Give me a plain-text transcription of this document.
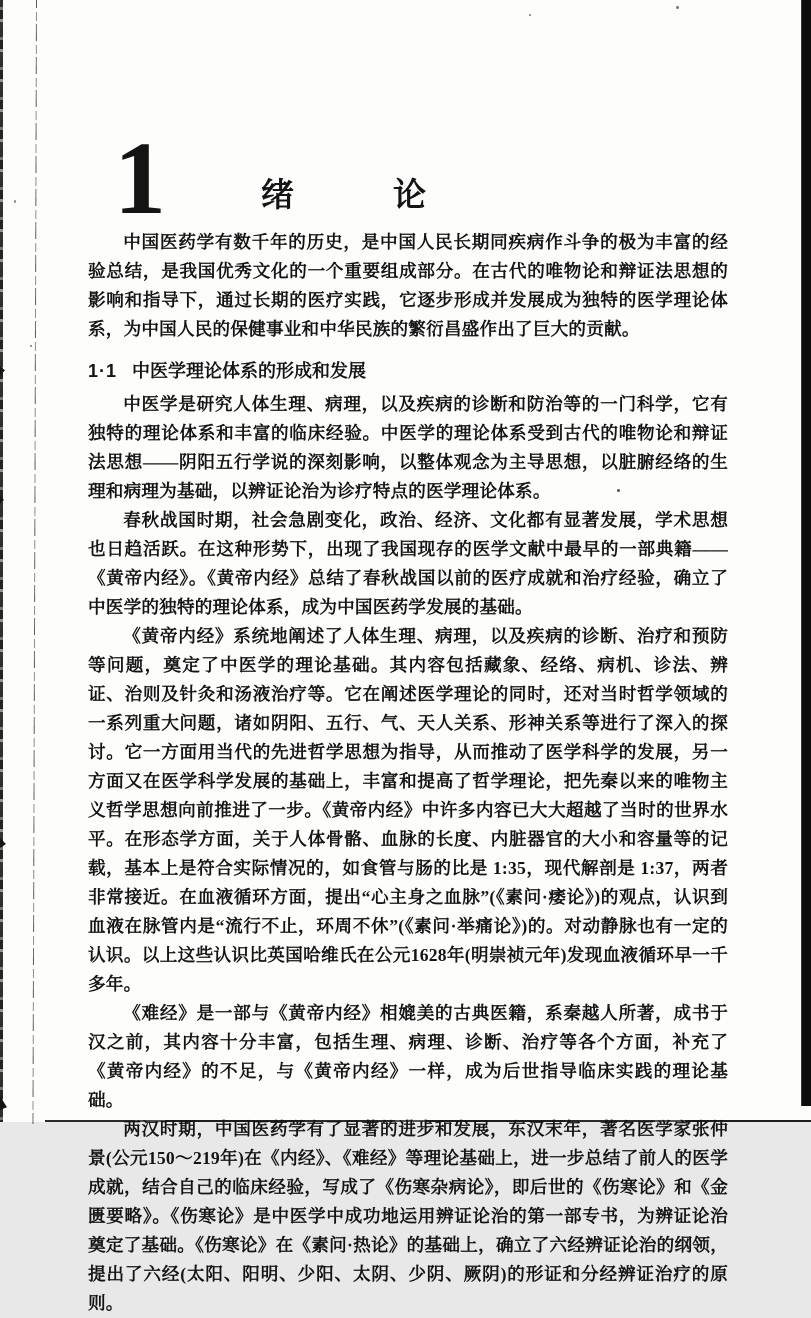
1	绪　　　论

中国医药学有数千年的历史，是中国人民长期同疾病作斗争的极为丰富的经验总结，是我国优秀文化的一个重要组成部分。在古代的唯物论和辩证法思想的影响和指导下，通过长期的医疗实践，它逐步形成并发展成为独特的医学理论体系，为中国人民的保健事业和中华民族的繁衍昌盛作出了巨大的贡献。

1·1 中医学理论体系的形成和发展

中医学是研究人体生理、病理，以及疾病的诊断和防治等的一门科学，它有独特的理论体系和丰富的临床经验。中医学的理论体系受到古代的唯物论和辩证法思想——阴阳五行学说的深刻影响，以整体观念为主导思想，以脏腑经络的生理和病理为基础，以辨证论治为诊疗特点的医学理论体系。

春秋战国时期，社会急剧变化，政治、经济、文化都有显著发展，学术思想也日趋活跃。在这种形势下，出现了我国现存的医学文献中最早的一部典籍——《黄帝内经》。《黄帝内经》总结了春秋战国以前的医疗成就和治疗经验，确立了中医学的独特的理论体系，成为中国医药学发展的基础。

《黄帝内经》系统地阐述了人体生理、病理，以及疾病的诊断、治疗和预防等问题，奠定了中医学的理论基础。其内容包括藏象、经络、病机、诊法、辨证、治则及针灸和汤液治疗等。它在阐述医学理论的同时，还对当时哲学领域的一系列重大问题，诸如阴阳、五行、气、天人关系、形神关系等进行了深入的探讨。它一方面用当代的先进哲学思想为指导，从而推动了医学科学的发展，另一方面又在医学科学发展的基础上，丰富和提高了哲学理论，把先秦以来的唯物主义哲学思想向前推进了一步。《黄帝内经》中许多内容已大大超越了当时的世界水平。在形态学方面，关于人体骨骼、血脉的长度、内脏器官的大小和容量等的记载，基本上是符合实际情况的，如食管与肠的比是 1:35，现代解剖是 1:37，两者非常接近。在血液循环方面，提出“心主身之血脉”(《素问·痿论》)的观点，认识到血液在脉管内是“流行不止，环周不休”(《素问·举痛论》)的。对动静脉也有一定的认识。以上这些认识比英国哈维氏在公元1628年(明崇祯元年)发现血液循环早一千多年。

《难经》是一部与《黄帝内经》相媲美的古典医籍，系秦越人所著，成书于汉之前，其内容十分丰富，包括生理、病理、诊断、治疗等各个方面，补充了《黄帝内经》的不足，与《黄帝内经》一样，成为后世指导临床实践的理论基础。

两汉时期，中国医药学有了显著的进步和发展，东汉末年，著名医学家张仲景(公元150～219年)在《内经》、《难经》等理论基础上，进一步总结了前人的医学成就，结合自己的临床经验，写成了《伤寒杂病论》，即后世的《伤寒论》和《金匮要略》。《伤寒论》是中医学中成功地运用辨证论治的第一部专书，为辨证论治奠定了基础。《伤寒论》在《素问·热论》的基础上，确立了六经辨证论治的纲领，提出了六经(太阳、阳明、少阳、太阴、少阴、厥阴)的形证和分经辨证治疗的原则。
